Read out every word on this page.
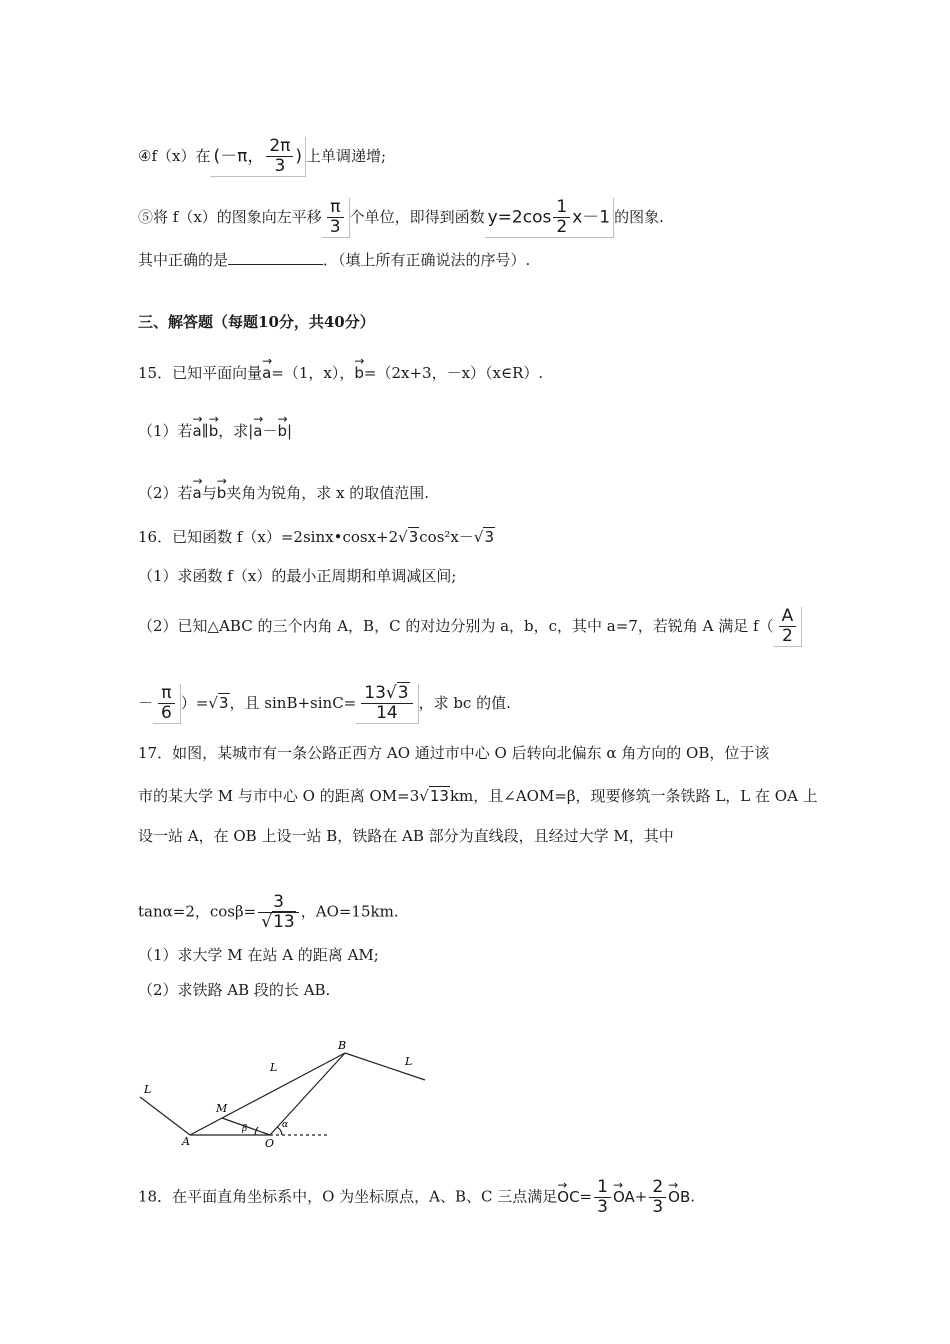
④f（x）在 (－π， $\frac{2\pi}{3}$ ) 上单调递增;
⑤将 f（x）的图象向左平移 $\frac{\pi}{3}$ 个单位，即得到函数 $y=2\cos \frac{1}{2} x-1$ 的图象.
其中正确的是	．（填上所有正确说法的序号）.
三、解答题（每题10分，共40分）
15．已知平面向量→ a=（1，x），→ b=（2x+3，－x）（x∈R）.
（1）若→ a∥→ b，求|→ a－→ b|
（2）若→ a与→ b夹角为锐角，求 x 的取值范围.
16．已知函数 f（x）=2sinx•cosx+2√3cos²x－√3
（1）求函数 f（x）的最小正周期和单调减区间;
（2）已知△ABC 的三个内角 A，B，C 的对边分别为 a，b，c，其中 a=7，若锐角 A 满足 $f( \frac{A}{2}$
－ $\frac{\pi}{6} )=√3$，且 $\sin B+\sin C= \frac{13√3}{14}$ ，求 bc 的值.
17．如图，某城市有一条公路正西方 AO 通过市中心 O 后转向北偏东 α 角方向的 OB，位于该
市的某大学 M 与市中心 O 的距离 OM=3√13km，且∠AOM=β，现要修筑一条铁路 L，L 在 OA 上
设一站 A，在 OB 上设一站 B，铁路在 AB 部分为直线段，且经过大学 M，其中
tanα=2，$\cos\beta= \frac{3}{√13}$ ，AO=15km.
（1）求大学 M 在站 A 的距离 AM;
（2）求铁路 AB 段的长 AB.
B
L
L
L
M
A	O
β	α
18．在平面直角坐标系中，O 为坐标原点，A、B、C 三点满足→ $OC= \frac{1}{3}$
→ $OA+ \frac{2}{3}$
→ OB.
